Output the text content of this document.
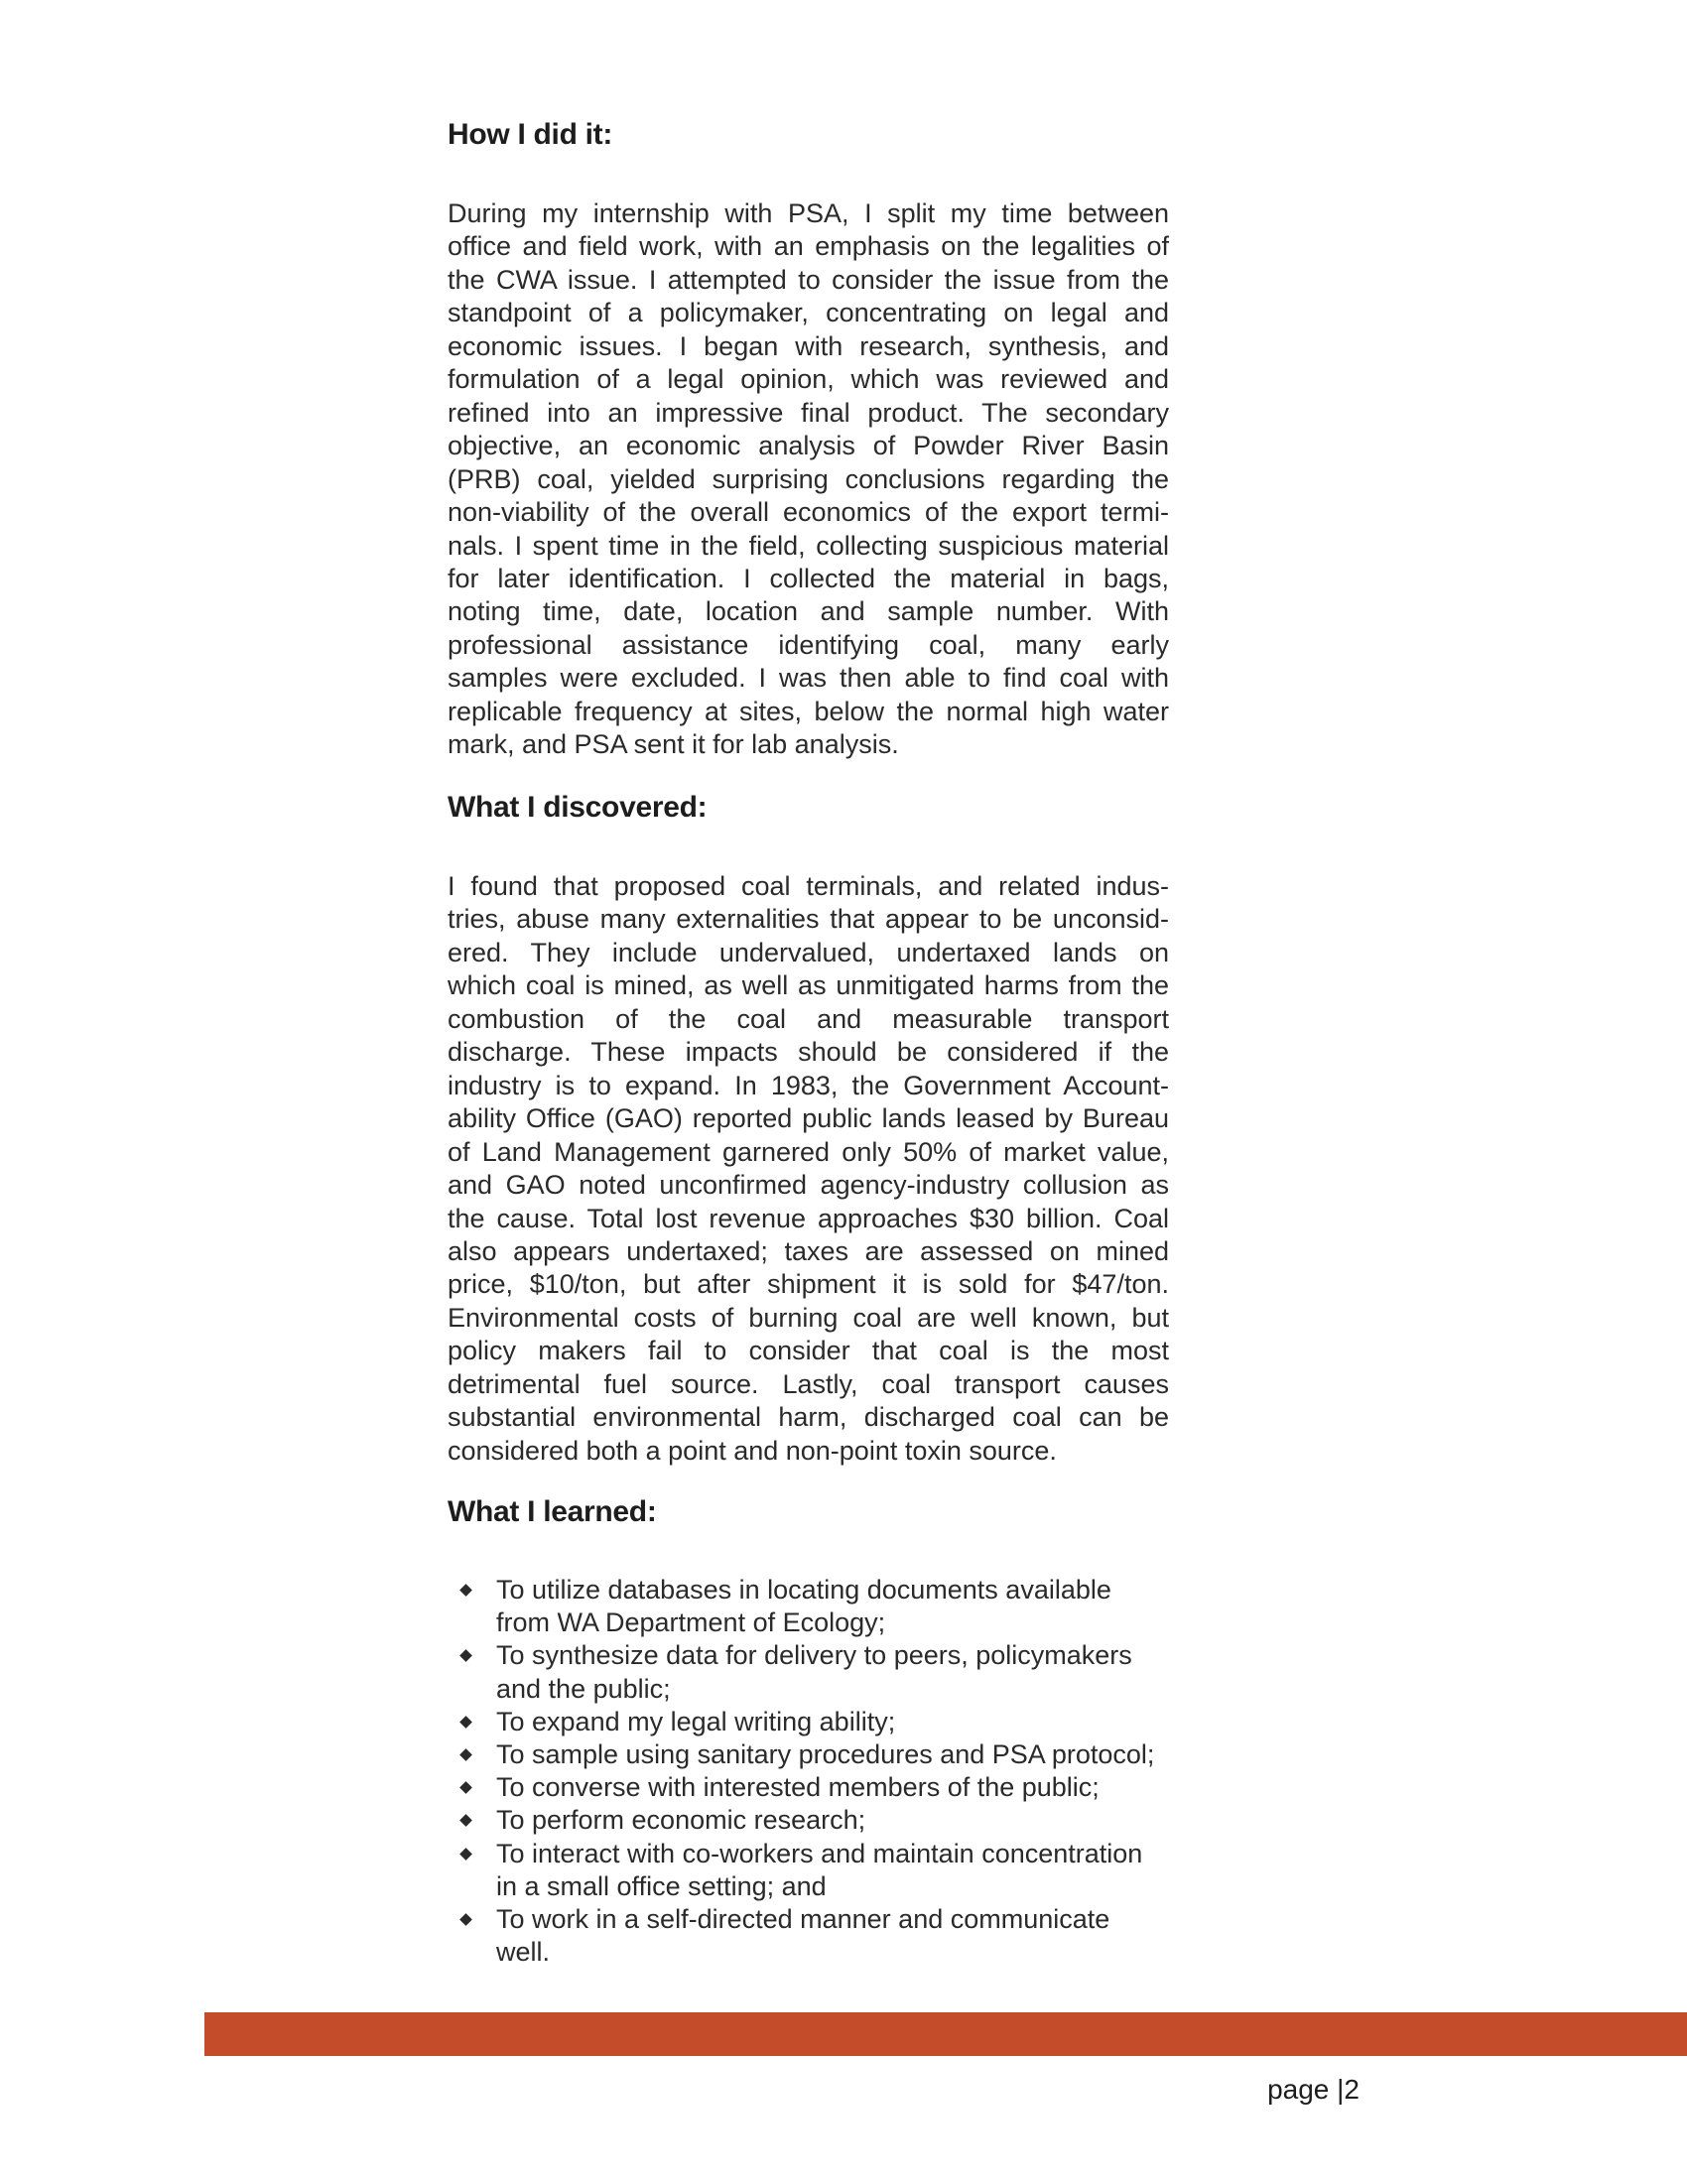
How I did it:
During my internship with PSA, I split my time between
office and field work, with an emphasis on the legalities of
the CWA issue. I attempted to consider the issue from the
standpoint of a policymaker, concentrating on legal and
economic issues. I began with research, synthesis, and
formulation of a legal opinion, which was reviewed and
refined into an impressive final product. The secondary
objective, an economic analysis of Powder River Basin
(PRB) coal, yielded surprising conclusions regarding the
non-viability of the overall economics of the export termi-
nals. I spent time in the field, collecting suspicious material
for later identification. I collected the material in bags,
noting time, date, location and sample number. With
professional assistance identifying coal, many early
samples were excluded. I was then able to find coal with
replicable frequency at sites, below the normal high water
mark, and PSA sent it for lab analysis.
What I discovered:
I found that proposed coal terminals, and related indus-
tries, abuse many externalities that appear to be unconsid-
ered. They include undervalued, undertaxed lands on
which coal is mined, as well as unmitigated harms from the
combustion of the coal and measurable transport
discharge. These impacts should be considered if the
industry is to expand. In 1983, the Government Account-
ability Office (GAO) reported public lands leased by Bureau
of Land Management garnered only 50% of market value,
and GAO noted unconfirmed agency-industry collusion as
the cause. Total lost revenue approaches $30 billion. Coal
also appears undertaxed; taxes are assessed on mined
price, $10/ton, but after shipment it is sold for $47/ton.
Environmental costs of burning coal are well known, but
policy makers fail to consider that coal is the most
detrimental fuel source. Lastly, coal transport causes
substantial environmental harm, discharged coal can be
considered both a point and non-point toxin source.
What I learned:
To utilize databases in locating documents available
from WA Department of Ecology;
To synthesize data for delivery to peers, policymakers
and the public;
To expand my legal writing ability;
To sample using sanitary procedures and PSA protocol;
To converse with interested members of the public;
To perform economic research;
To interact with co-workers and maintain concentration
in a small office setting; and
To work in a self-directed manner and communicate
well.
page |2
